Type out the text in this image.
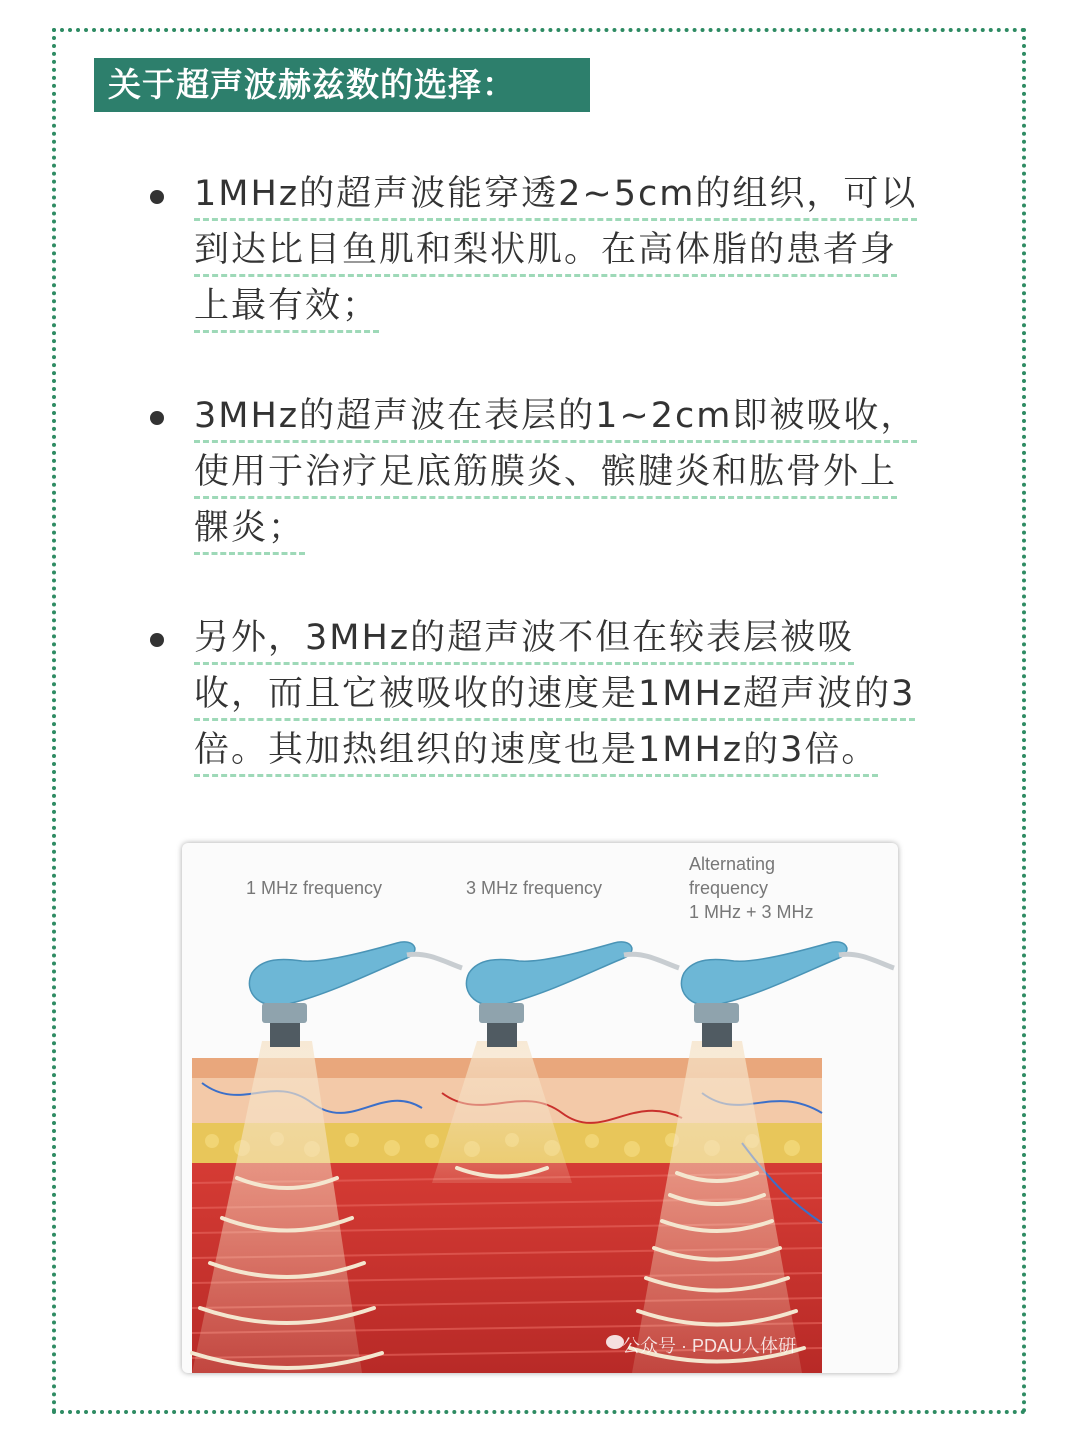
关于超声波赫兹数的选择：
1MHz的超声波能穿透2~5cm的组织，可以
到达比目鱼肌和梨状肌。在高体脂的患者身
上最有效；
3MHz的超声波在表层的1~2cm即被吸收，
使用于治疗足底筋膜炎、髌腱炎和肱骨外上
髁炎；
另外，3MHz的超声波不但在较表层被吸
收，而且它被吸收的速度是1MHz超声波的3
倍。其加热组织的速度也是1MHz的3倍。
1 MHz frequency	3 MHz frequency
Alternating
frequency
1 MHz + 3 MHz
公众号 · PDAU人体硏
